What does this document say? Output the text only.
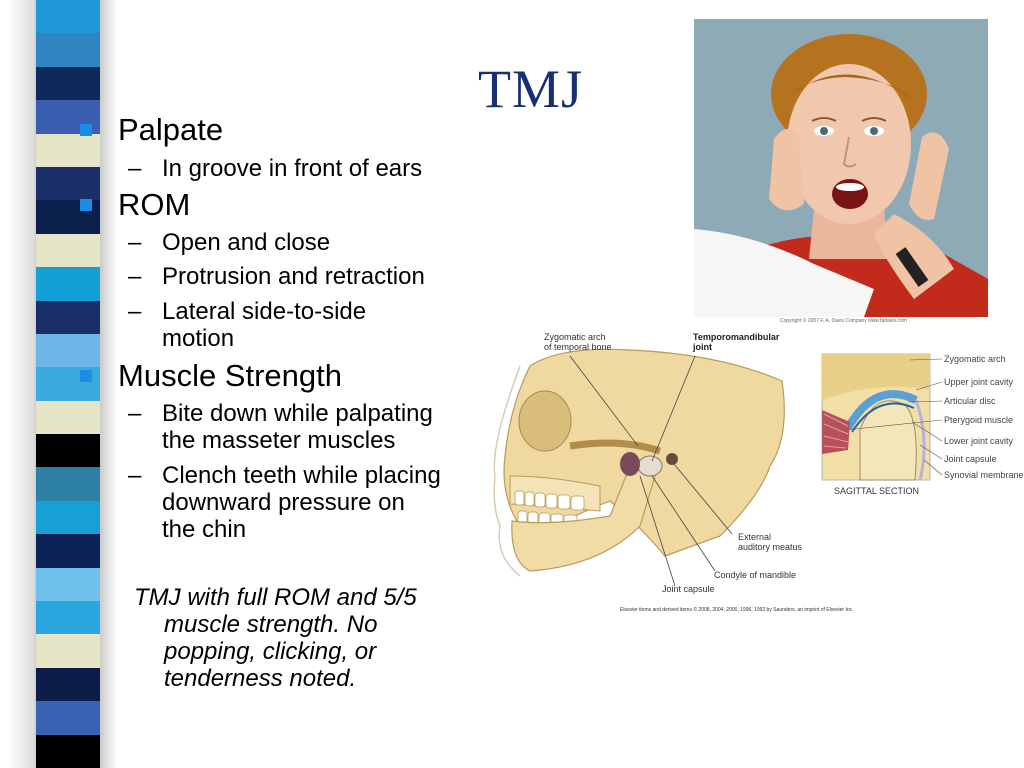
TMJ
Palpate
– In groove in front of ears
ROM
– Open and close
– Protrusion and retraction
– Lateral side-to-side
motion
Muscle Strength
– Bite down while palpating
the masseter muscles
– Clench teeth while placing
downward pressure on
the chin
TMJ with full ROM and 5/5
muscle strength. No
popping, clicking, or
tenderness noted.
Copyright © 2007 F. A. Davis Company www.fadavis.com
Zygomatic arch
of temporal bone
Temporomandibular
joint
External
auditory meatus
Condyle of mandible
Joint capsule
Zygomatic arch
Upper joint cavity
Articular disc
Pterygoid muscle
Lower joint cavity
Joint capsule
Synovial membrane
SAGITTAL SECTION
Elsevier items and derived items © 2008, 2004, 2000, 1996, 1992 by Saunders, an imprint of Elsevier Inc.
